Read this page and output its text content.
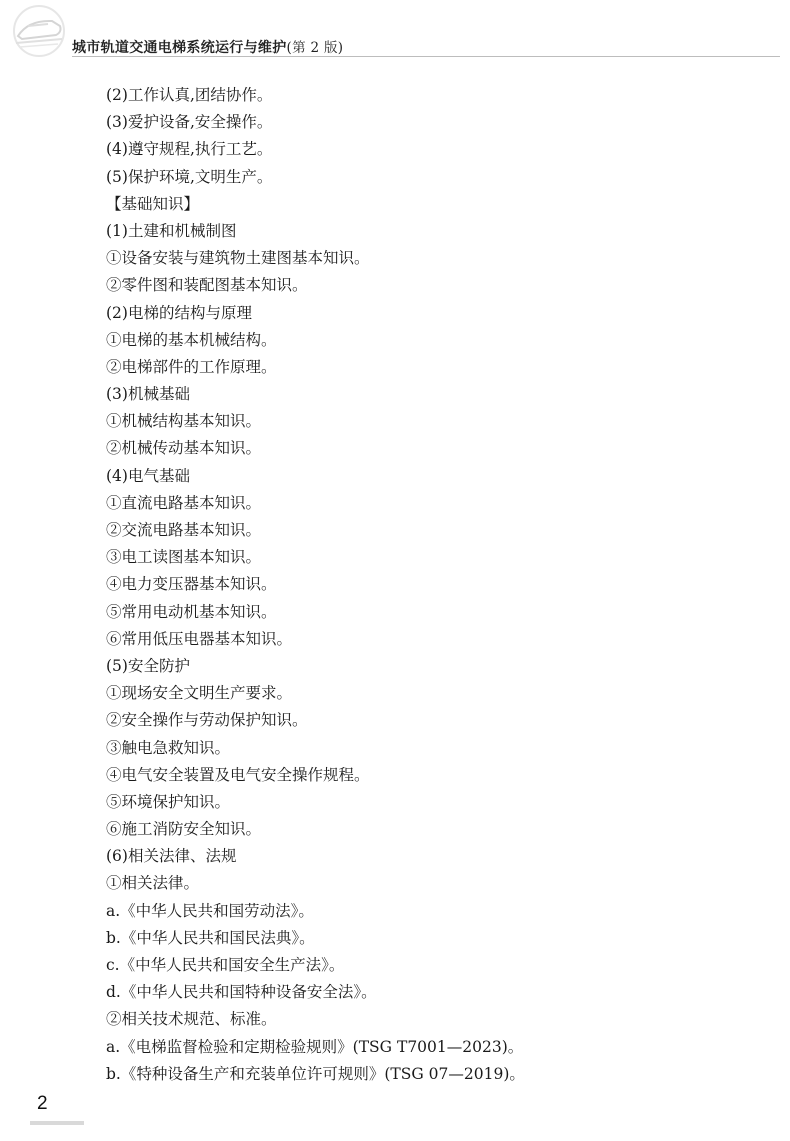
城市轨道交通电梯系统运行与维护(第 2 版)
(2)工作认真,团结协作。
(3)爱护设备,安全操作。
(4)遵守规程,执行工艺。
(5)保护环境,文明生产。
【基础知识】
(1)土建和机械制图
①设备安装与建筑物土建图基本知识。
②零件图和装配图基本知识。
(2)电梯的结构与原理
①电梯的基本机械结构。
②电梯部件的工作原理。
(3)机械基础
①机械结构基本知识。
②机械传动基本知识。
(4)电气基础
①直流电路基本知识。
②交流电路基本知识。
③电工读图基本知识。
④电力变压器基本知识。
⑤常用电动机基本知识。
⑥常用低压电器基本知识。
(5)安全防护
①现场安全文明生产要求。
②安全操作与劳动保护知识。
③触电急救知识。
④电气安全装置及电气安全操作规程。
⑤环境保护知识。
⑥施工消防安全知识。
(6)相关法律、法规
①相关法律。
a.《中华人民共和国劳动法》。
b.《中华人民共和国民法典》。
c.《中华人民共和国安全生产法》。
d.《中华人民共和国特种设备安全法》。
②相关技术规范、标准。
a.《电梯监督检验和定期检验规则》(TSG T7001—2023)。
b.《特种设备生产和充装单位许可规则》(TSG 07—2019)。
2
